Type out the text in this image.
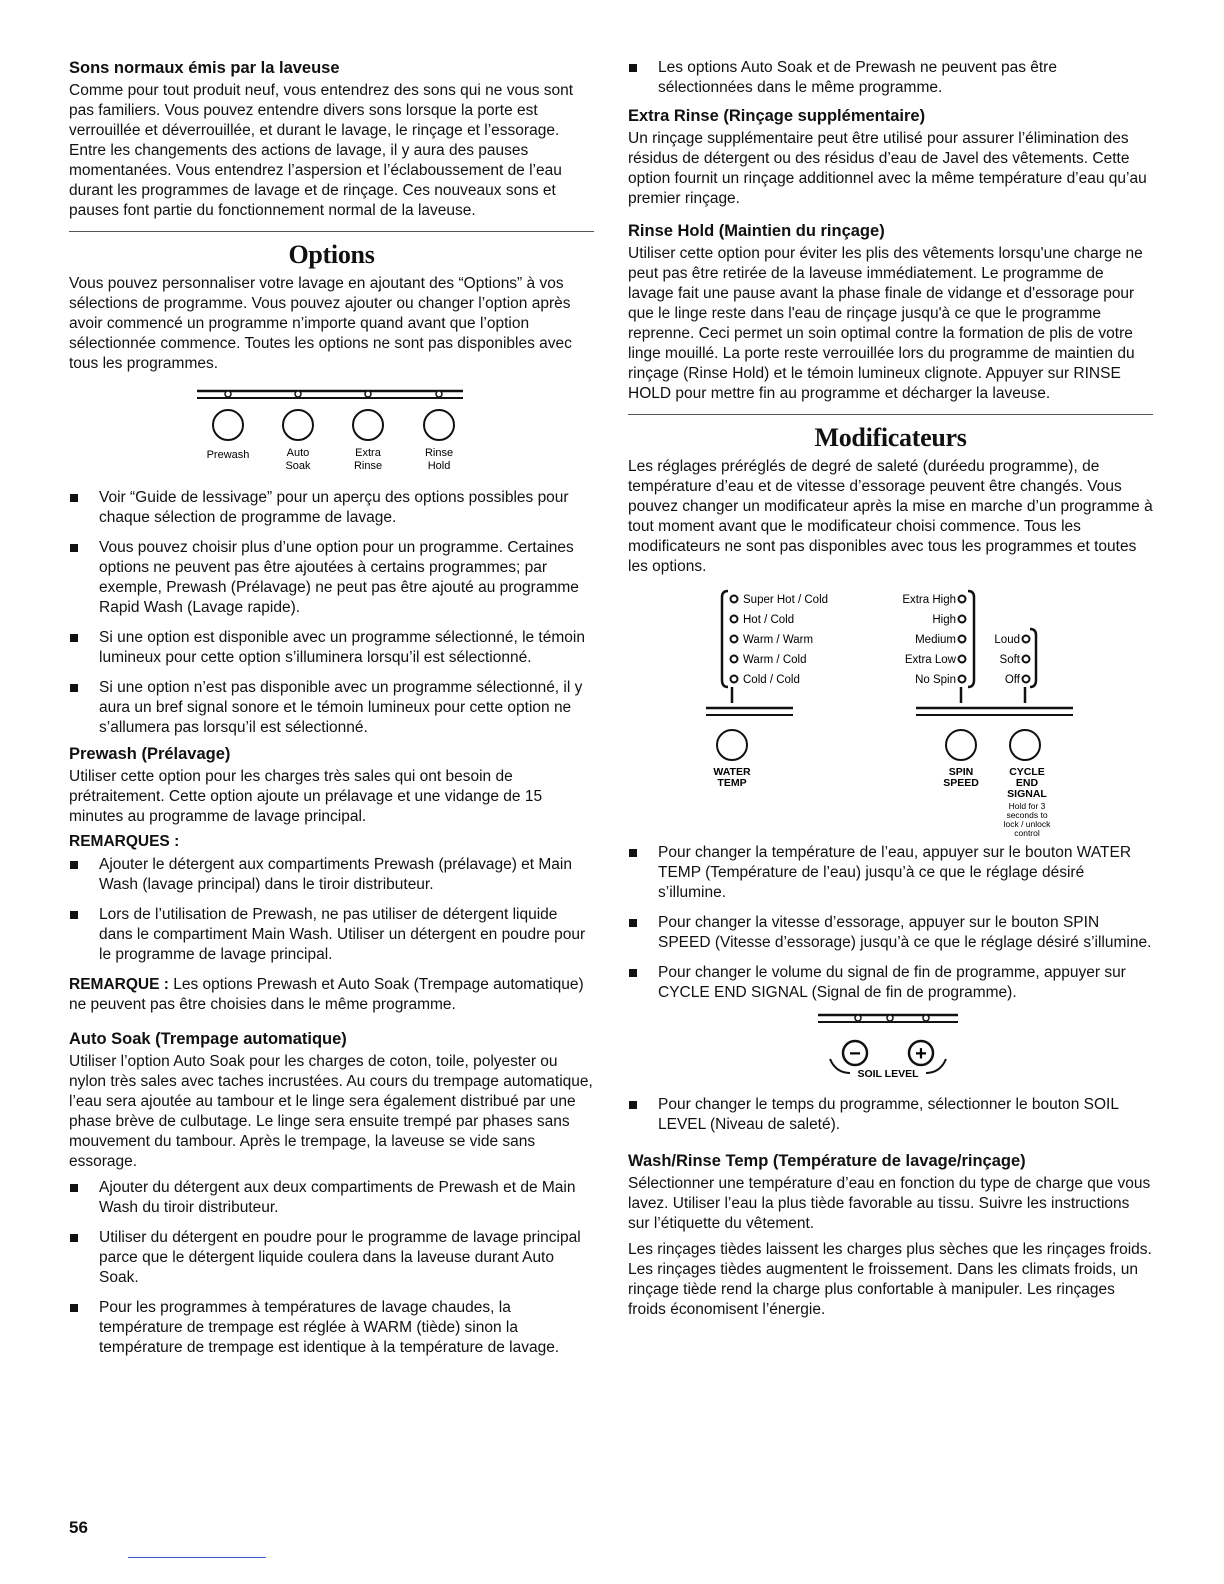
Sons normaux émis par la laveuse

Comme pour tout produit neuf, vous entendrez des sons qui ne vous sont pas familiers. Vous pouvez entendre divers sons lorsque la porte est verrouillée et déverrouillée, et durant le lavage, le rinçage et l’essorage. Entre les changements des actions de lavage, il y aura des pauses momentanées. Vous entendrez l’aspersion et l’éclaboussement de l’eau durant les programmes de lavage et de rinçage. Ces nouveaux sons et pauses font partie du fonctionnement normal de la laveuse.

Options

Vous pouvez personnaliser votre lavage en ajoutant des “Options” à vos sélections de programme. Vous pouvez ajouter ou changer l’option après avoir commencé un programme n’importe quand avant que l’option sélectionnée commence. Toutes les options ne sont pas disponibles avec tous les programmes.

Prewash	Auto
Soak
Extra
Rinse
Rinse
Hold
Voir “Guide de lessivage” pour un aperçu des options possibles pour chaque sélection de programme de lavage.
Vous pouvez choisir plus d’une option pour un programme. Certaines options ne peuvent pas être ajoutées à certains programmes; par exemple, Prewash (Prélavage) ne peut pas être ajouté au programme Rapid Wash (Lavage rapide).
Si une option est disponible avec un programme sélectionné, le témoin lumineux pour cette option s’illuminera lorsqu’il est sélectionné.
Si une option n’est pas disponible avec un programme sélectionné, il y aura un bref signal sonore et le témoin lumineux pour cette option ne s’allumera pas lorsqu’il est sélectionné.
Prewash (Prélavage)

Utiliser cette option pour les charges très sales qui ont besoin de prétraitement. Cette option ajoute un prélavage et une vidange de 15 minutes au programme de lavage principal.

REMARQUES :
Ajouter le détergent aux compartiments Prewash (prélavage) et Main Wash (lavage principal) dans le tiroir distributeur.
Lors de l’utilisation de Prewash, ne pas utiliser de détergent liquide dans le compartiment Main Wash. Utiliser un détergent en poudre pour le programme de lavage principal.

REMARQUE : Les options Prewash et Auto Soak (Trempage automatique) ne peuvent pas être choisies dans le même programme.

Auto Soak (Trempage automatique)

Utiliser l’option Auto Soak pour les charges de coton, toile, polyester ou nylon très sales avec taches incrustées. Au cours du trempage automatique, l’eau sera ajoutée au tambour et le linge sera également distribué par une phase brève de culbutage. Le linge sera ensuite trempé par phases sans mouvement du tambour. Après le trempage, la laveuse se vide sans essorage.

Ajouter du détergent aux deux compartiments de Prewash et de Main Wash du tiroir distributeur.
Utiliser du détergent en poudre pour le programme de lavage principal parce que le détergent liquide coulera dans la laveuse durant Auto Soak.
Pour les programmes à températures de lavage chaudes, la température de trempage est réglée à WARM (tiède) sinon la température de trempage est identique à la température de lavage.
Les options Auto Soak et de Prewash ne peuvent pas être sélectionnées dans le même programme.
Extra Rinse (Rinçage supplémentaire)

Un rinçage supplémentaire peut être utilisé pour assurer l’élimination des résidus de détergent ou des résidus d’eau de Javel des vêtements. Cette option fournit un rinçage additionnel avec la même température d’eau qu’au premier rinçage.

Rinse Hold (Maintien du rinçage)

Utiliser cette option pour éviter les plis des vêtements lorsqu'une charge ne peut pas être retirée de la laveuse immédiatement. Le programme de lavage fait une pause avant la phase finale de vidange et d'essorage pour que le linge reste dans l'eau de rinçage jusqu'à ce que le programme reprenne. Ceci permet un soin optimal contre la formation de plis de votre linge mouillé. La porte reste verrouillée lors du programme de maintien du rinçage (Rinse Hold) et le témoin lumineux clignote. Appuyer sur RINSE HOLD pour mettre fin au programme et décharger la laveuse.

Modificateurs

Les réglages préréglés de degré de saleté (duréedu programme), de température d’eau et de vitesse d’essorage peuvent être changés. Vous pouvez changer un modificateur après la mise en marche d’un programme à tout moment avant que le modificateur choisi commence. Tous les modificateurs ne sont pas disponibles avec tous les programmes et toutes les options.

Super Hot / Cold
Hot / Cold
Warm / Warm
Warm / Cold
Cold / Cold
Extra High
High
Medium
Extra Low
No Spin
Loud
Soft
Off
WATER
TEMP
SPIN
SPEED
CYCLE
END
SIGNAL
Hold for 3
seconds to
lock / unlock
control
Pour changer la température de l’eau, appuyer sur le bouton WATER TEMP (Température de l’eau) jusqu’à ce que le réglage désiré s’illumine.
Pour changer la vitesse d’essorage, appuyer sur le bouton SPIN SPEED (Vitesse d’essorage) jusqu’à ce que le réglage désiré s’illumine.
Pour changer le volume du signal de fin de programme, appuyer sur CYCLE END SIGNAL (Signal de fin de programme).
−	+
SOIL LEVEL
Pour changer le temps du programme, sélectionner le bouton SOIL LEVEL (Niveau de saleté).
Wash/Rinse Temp (Température de lavage/rinçage)

Sélectionner une température d’eau en fonction du type de charge que vous lavez. Utiliser l’eau la plus tiède favorable au tissu. Suivre les instructions sur l’étiquette du vêtement.

Les rinçages tièdes laissent les charges plus sèches que les rinçages froids. Les rinçages tièdes augmentent le froissement. Dans les climats froids, un rinçage tiède rend la charge plus confortable à manipuler. Les rinçages froids économisent l’énergie.

56
